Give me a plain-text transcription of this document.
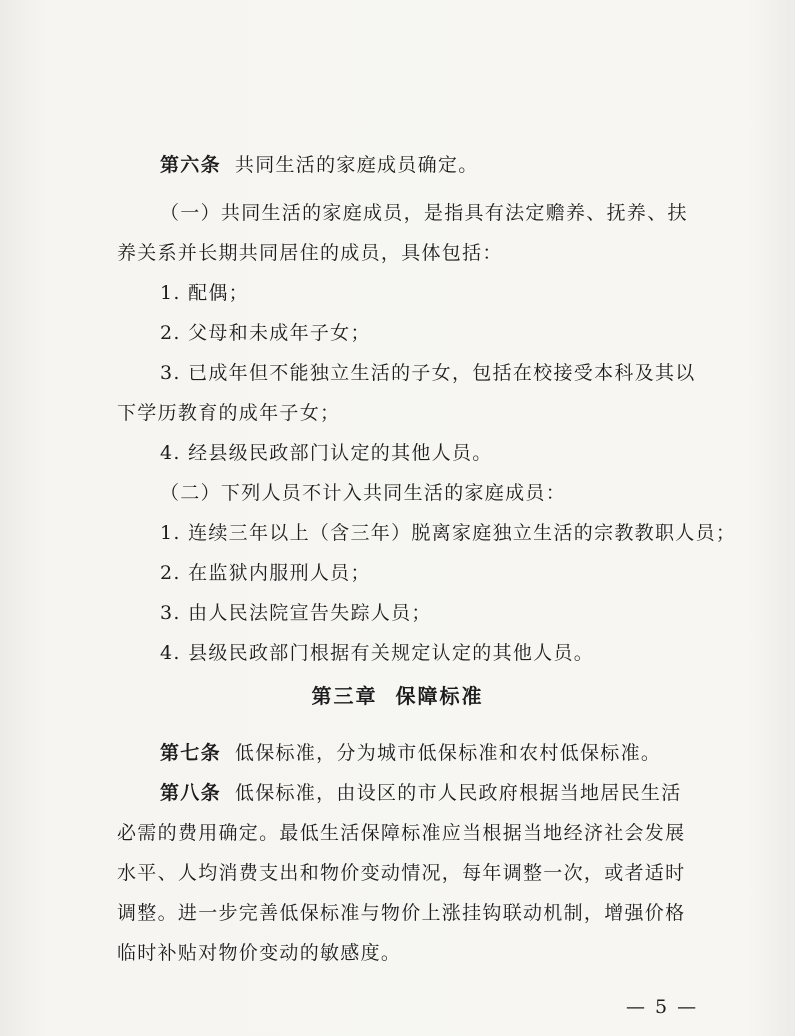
第六条 共同生活的家庭成员确定。
（一）共同生活的家庭成员，是指具有法定赡养、抚养、扶
养关系并长期共同居住的成员，具体包括：
1. 配偶；
2. 父母和未成年子女；
3. 已成年但不能独立生活的子女，包括在校接受本科及其以
下学历教育的成年子女；
4. 经县级民政部门认定的其他人员。
（二）下列人员不计入共同生活的家庭成员：
1. 连续三年以上（含三年）脱离家庭独立生活的宗教教职人员；
2. 在监狱内服刑人员；
3. 由人民法院宣告失踪人员；
4. 县级民政部门根据有关规定认定的其他人员。
第三章 保障标准
第七条 低保标准，分为城市低保标准和农村低保标准。
第八条 低保标准，由设区的市人民政府根据当地居民生活
必需的费用确定。最低生活保障标准应当根据当地经济社会发展
水平、人均消费支出和物价变动情况，每年调整一次，或者适时
调整。进一步完善低保标准与物价上涨挂钩联动机制，增强价格
临时补贴对物价变动的敏感度。
— 5 —
